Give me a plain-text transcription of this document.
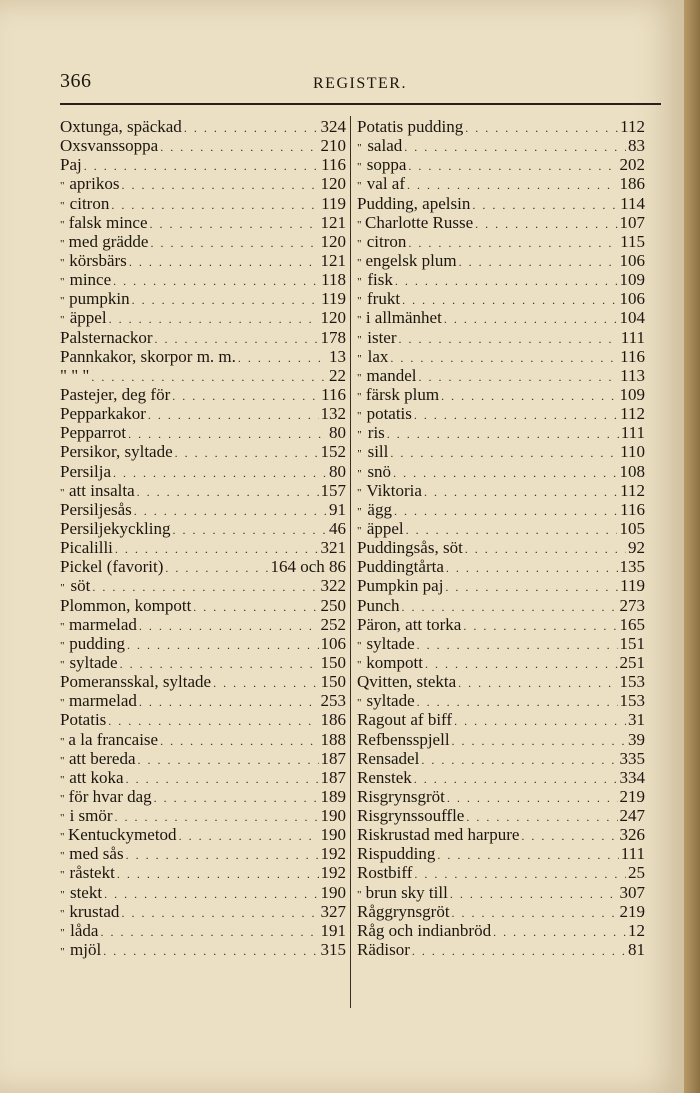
366	REGISTER.
Oxtunga, späckad . . .	324
Oxsvanssoppa . . .	210
Paj . . .	116
" aprikos . . .	120
" citron . . .	119
" falsk mince . . .	121
" med grädde . . .	120
" körsbärs . . .	121
" mince . . .	118
" pumpkin . . .	119
" äppel . . .	120
Palsternackor . . .	178
Pannkakor, skorpor m. m. . . .	13
" " " . . .	22
Pastejer, deg för . . .	116
Pepparkakor . . .	132
Pepparrot . . .	80
Persikor, syltade . . .	152
Persilja . . .	80
" att insalta . . .	157
Persiljesås . . .	91
Persiljekyckling . . .	46
Picalilli . . .	321
Pickel (favorit) . . .	164 och 86
" söt . . .	322
Plommon, kompott . . .	250
" marmelad . . .	252
" pudding . . .	106
" syltade . . .	150
Pomeransskal, syltade . . .	150
" marmelad . . .	253
Potatis . . .	186
" a la francaise . . .	188
" att bereda . . .	187
" att koka . . .	187
" för hvar dag . . .	189
" i smör . . .	190
" Kentuckymetod . . .	190
" med sås . . .	192
" råstekt . . .	192
" stekt . . .	190
" krustad . . .	327
" låda . . .	191
" mjöl . . .	315
Potatis pudding . . .	112
" salad . . .	83
" soppa . . .	202
" val af . . .	186
Pudding, apelsin . . .	114
" Charlotte Russe . . .	107
" citron . . .	115
" engelsk plum . . .	106
" fisk . . .	109
" frukt . . .	106
" i allmänhet . . .	104
" ister . . .	111
" lax . . .	116
" mandel . . .	113
" färsk plum . . .	109
" potatis . . .	112
" ris . . .	111
" sill . . .	110
" snö . . .	108
" Viktoria . . .	112
" ägg . . .	116
" äppel . . .	105
Puddingsås, söt . . .	92
Puddingtårta . . .	135
Pumpkin paj . . .	119
Punch . . .	273
Päron, att torka . . .	165
" syltade . . .	151
" kompott . . .	251
Qvitten, stekta . . .	153
" syltade . . .	153
Ragout af biff . . .	31
Refbensspjell . . .	39
Rensadel . . .	335
Renstek . . .	334
Risgrynsgröt . . .	219
Risgrynssouffle . . .	247
Riskrustad med harpure . . .	326
Rispudding . . .	111
Rostbiff . . .	25
" brun sky till . . .	307
Råggrynsgröt . . .	219
Råg och indianbröd . . .	12
Rädisor . . .	81
